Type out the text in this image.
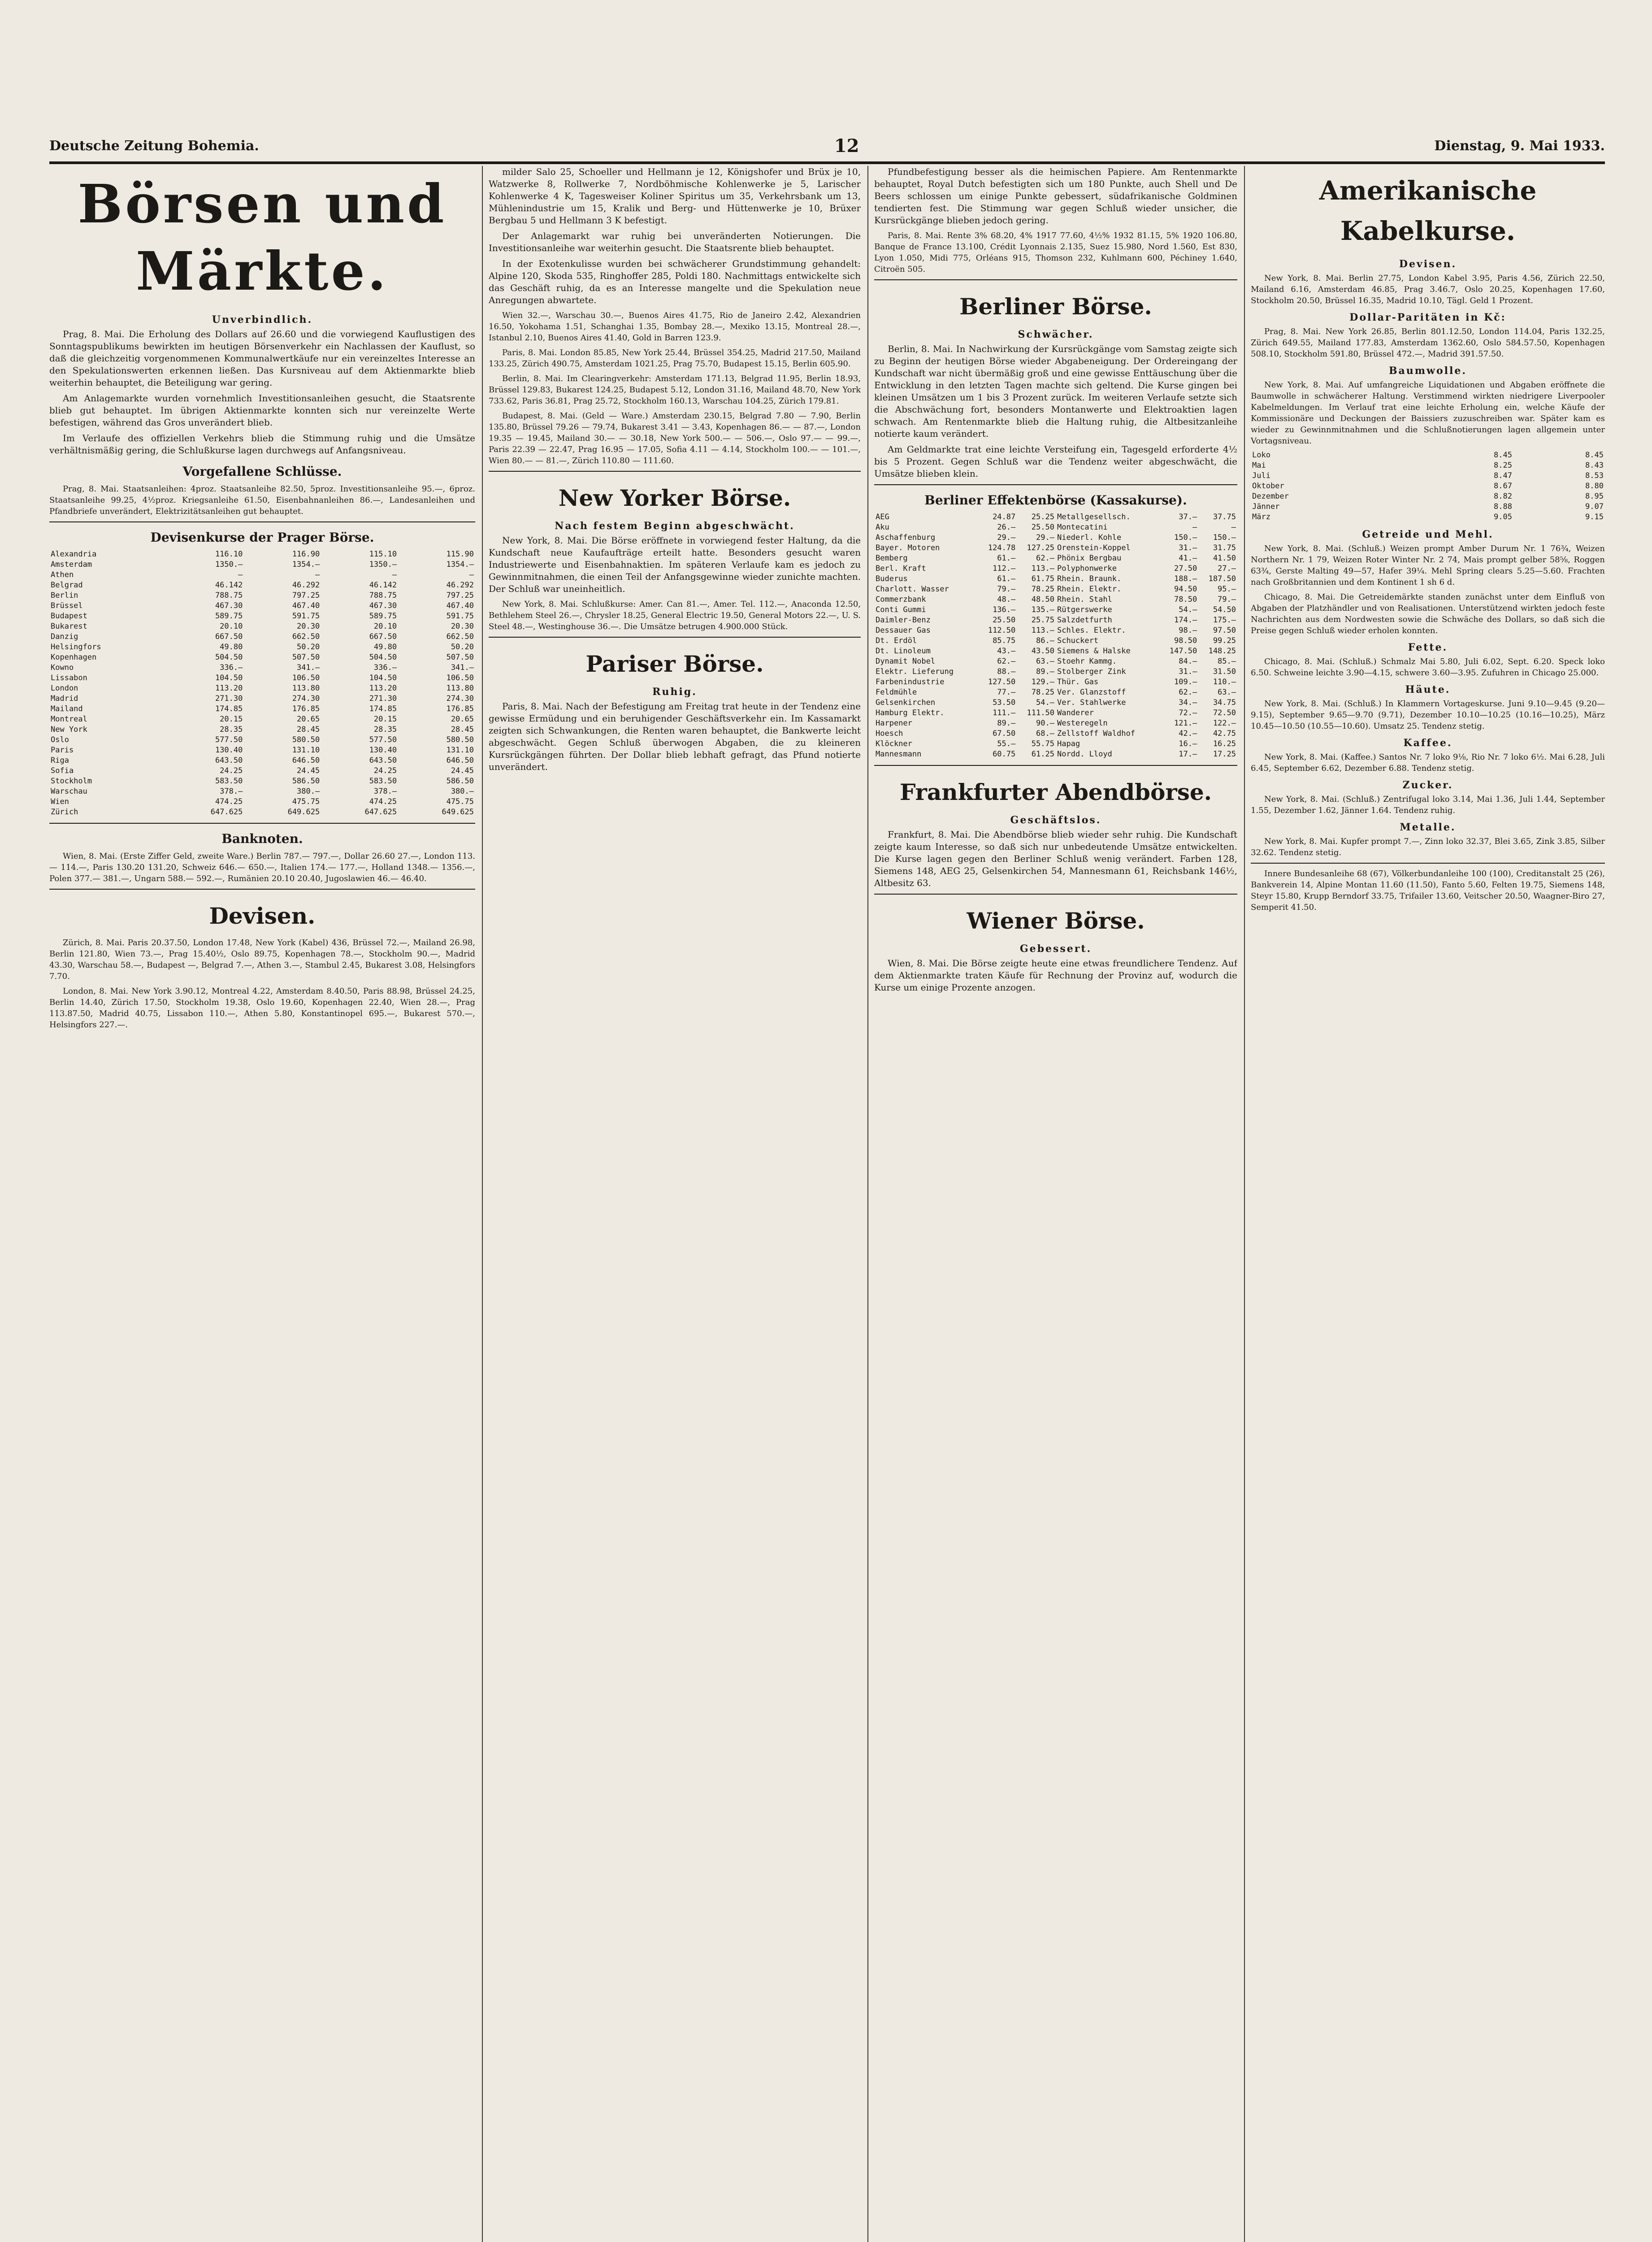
Deutsche Zeitung Bohemia.	12	Dienstag, 9. Mai 1933.
Börsen und Märkte.
Unverbindlich.

Prag, 8. Mai. Die Erholung des Dollars auf 26.60 und die vorwiegend Kauflustigen des Sonntagspublikums bewirkten im heutigen Börsenverkehr ein Nachlassen der Kauflust, so daß die gleichzeitig vorgenommenen Kommunalwertkäufe nur ein vereinzeltes Interesse an den Spekulationswerten erkennen ließen. Das Kursniveau auf dem Aktienmarkte blieb weiterhin behauptet, die Beteiligung war gering.

Am Anlagemarkte wurden vornehmlich Investitionsanleihen gesucht, die Staatsrente blieb gut behauptet. Im übrigen Aktienmarkte konnten sich nur vereinzelte Werte befestigen, während das Gros unverändert blieb.

Im Verlaufe des offiziellen Verkehrs blieb die Stimmung ruhig und die Umsätze verhältnismäßig gering, die Schlußkurse lagen durchwegs auf Anfangsniveau.

Vorgefallene Schlüsse.

Prag, 8. Mai. Staatsanleihen: 4proz. Staatsanleihe 82.50, 5proz. Investitionsanleihe 95.—, 6proz. Staatsanleihe 99.25, 4½proz. Kriegsanleihe 61.50, Eisenbahnanleihen 86.—, Landesanleihen und Pfandbriefe unverändert, Elektrizitätsanleihen gut behauptet.

Devisenkurse der Prager Börse.
Alexandria	116.10	116.90	115.10	115.90
Amsterdam	1350.—	1354.—	1350.—	1354.—
Athen	—	—	—	—
Belgrad	46.142	46.292	46.142	46.292
Berlin	788.75	797.25	788.75	797.25
Brüssel	467.30	467.40	467.30	467.40
Budapest	589.75	591.75	589.75	591.75
Bukarest	20.10	20.30	20.10	20.30
Danzig	667.50	662.50	667.50	662.50
Helsingfors	49.80	50.20	49.80	50.20
Kopenhagen	504.50	507.50	504.50	507.50
Kowno	336.—	341.—	336.—	341.—
Lissabon	104.50	106.50	104.50	106.50
London	113.20	113.80	113.20	113.80
Madrid	271.30	274.30	271.30	274.30
Mailand	174.85	176.85	174.85	176.85
Montreal	20.15	20.65	20.15	20.65
New York	28.35	28.45	28.35	28.45
Oslo	577.50	580.50	577.50	580.50
Paris	130.40	131.10	130.40	131.10
Riga	643.50	646.50	643.50	646.50
Sofia	24.25	24.45	24.25	24.45
Stockholm	583.50	586.50	583.50	586.50
Warschau	378.—	380.—	378.—	380.—
Wien	474.25	475.75	474.25	475.75
Zürich	647.625	649.625	647.625	649.625
Banknoten.

Wien, 8. Mai. (Erste Ziffer Geld, zweite Ware.) Berlin 787.— 797.—, Dollar 26.60 27.—, London 113.— 114.—, Paris 130.20 131.20, Schweiz 646.— 650.—, Italien 174.— 177.—, Holland 1348.— 1356.—, Polen 377.— 381.—, Ungarn 588.— 592.—, Rumänien 20.10 20.40, Jugoslawien 46.— 46.40.

Devisen.

Zürich, 8. Mai. Paris 20.37.50, London 17.48, New York (Kabel) 436, Brüssel 72.—, Mailand 26.98, Berlin 121.80, Wien 73.—, Prag 15.40½, Oslo 89.75, Kopenhagen 78.—, Stockholm 90.—, Madrid 43.30, Warschau 58.—, Budapest —, Belgrad 7.—, Athen 3.—, Stambul 2.45, Bukarest 3.08, Helsingfors 7.70.

London, 8. Mai. New York 3.90.12, Montreal 4.22, Amsterdam 8.40.50, Paris 88.98, Brüssel 24.25, Berlin 14.40, Zürich 17.50, Stockholm 19.38, Oslo 19.60, Kopenhagen 22.40, Wien 28.—, Prag 113.87.50, Madrid 40.75, Lissabon 110.—, Athen 5.80, Konstantinopel 695.—, Bukarest 570.—, Helsingfors 227.—.

milder Salo 25, Schoeller und Hellmann je 12, Königshofer und Brüx je 10, Watzwerke 8, Rollwerke 7, Nordböhmische Kohlenwerke je 5, Larischer Kohlenwerke 4 K, Tagesweiser Koliner Spiritus um 35, Verkehrsbank um 13, Mühlenindustrie um 15, Kralik und Berg- und Hüttenwerke je 10, Brüxer Bergbau 5 und Hellmann 3 K befestigt.

Der Anlagemarkt war ruhig bei unveränderten Notierungen. Die Investitionsanleihe war weiterhin gesucht. Die Staatsrente blieb behauptet.

In der Exotenkulisse wurden bei schwächerer Grundstimmung gehandelt: Alpine 120, Skoda 535, Ringhoffer 285, Poldi 180. Nachmittags entwickelte sich das Geschäft ruhig, da es an Interesse mangelte und die Spekulation neue Anregungen abwartete.

Wien 32.—, Warschau 30.—, Buenos Aires 41.75, Rio de Janeiro 2.42, Alexandrien 16.50, Yokohama 1.51, Schanghai 1.35, Bombay 28.—, Mexiko 13.15, Montreal 28.—, Istanbul 2.10, Buenos Aires 41.40, Gold in Barren 123.9.

Paris, 8. Mai. London 85.85, New York 25.44, Brüssel 354.25, Madrid 217.50, Mailand 133.25, Zürich 490.75, Amsterdam 1021.25, Prag 75.70, Budapest 15.15, Berlin 605.90.

Berlin, 8. Mai. Im Clearingverkehr: Amsterdam 171.13, Belgrad 11.95, Berlin 18.93, Brüssel 129.83, Bukarest 124.25, Budapest 5.12, London 31.16, Mailand 48.70, New York 733.62, Paris 36.81, Prag 25.72, Stockholm 160.13, Warschau 104.25, Zürich 179.81.

Budapest, 8. Mai. (Geld — Ware.) Amsterdam 230.15, Belgrad 7.80 — 7.90, Berlin 135.80, Brüssel 79.26 — 79.74, Bukarest 3.41 — 3.43, Kopenhagen 86.— — 87.—, London 19.35 — 19.45, Mailand 30.— — 30.18, New York 500.— — 506.—, Oslo 97.— — 99.—, Paris 22.39 — 22.47, Prag 16.95 — 17.05, Sofia 4.11 — 4.14, Stockholm 100.— — 101.—, Wien 80.— — 81.—, Zürich 110.80 — 111.60.

New Yorker Börse.
Nach festem Beginn abgeschwächt.

New York, 8. Mai. Die Börse eröffnete in vorwiegend fester Haltung, da die Kundschaft neue Kaufaufträge erteilt hatte. Besonders gesucht waren Industriewerte und Eisenbahnaktien. Im späteren Verlaufe kam es jedoch zu Gewinnmitnahmen, die einen Teil der Anfangsgewinne wieder zunichte machten. Der Schluß war uneinheitlich.

New York, 8. Mai. Schlußkurse: Amer. Can 81.—, Amer. Tel. 112.—, Anaconda 12.50, Bethlehem Steel 26.—, Chrysler 18.25, General Electric 19.50, General Motors 22.—, U. S. Steel 48.—, Westinghouse 36.—. Die Umsätze betrugen 4.900.000 Stück.

Pariser Börse.
Ruhig.

Paris, 8. Mai. Nach der Befestigung am Freitag trat heute in der Tendenz eine gewisse Ermüdung und ein beruhigender Geschäftsverkehr ein. Im Kassamarkt zeigten sich Schwankungen, die Renten waren behauptet, die Bankwerte leicht abgeschwächt. Gegen Schluß überwogen Abgaben, die zu kleineren Kursrückgängen führten. Der Dollar blieb lebhaft gefragt, das Pfund notierte unverändert.

Pfundbefestigung besser als die heimischen Papiere. Am Rentenmarkte behauptet, Royal Dutch befestigten sich um 180 Punkte, auch Shell und De Beers schlossen um einige Punkte gebessert, südafrikanische Goldminen tendierten fest. Die Stimmung war gegen Schluß wieder unsicher, die Kursrückgänge blieben jedoch gering.

Paris, 8. Mai. Rente 3% 68.20, 4% 1917 77.60, 4½% 1932 81.15, 5% 1920 106.80, Banque de France 13.100, Crédit Lyonnais 2.135, Suez 15.980, Nord 1.560, Est 830, Lyon 1.050, Midi 775, Orléans 915, Thomson 232, Kuhlmann 600, Péchiney 1.640, Citroën 505.

Berliner Börse.
Schwächer.

Berlin, 8. Mai. In Nachwirkung der Kursrückgänge vom Samstag zeigte sich zu Beginn der heutigen Börse wieder Abgabeneigung. Der Ordereingang der Kundschaft war nicht übermäßig groß und eine gewisse Enttäuschung über die Entwicklung in den letzten Tagen machte sich geltend. Die Kurse gingen bei kleinen Umsätzen um 1 bis 3 Prozent zurück. Im weiteren Verlaufe setzte sich die Abschwächung fort, besonders Montanwerte und Elektroaktien lagen schwach. Am Rentenmarkte blieb die Haltung ruhig, die Altbesitzanleihe notierte kaum verändert.

Am Geldmarkte trat eine leichte Versteifung ein, Tagesgeld erforderte 4½ bis 5 Prozent. Gegen Schluß war die Tendenz weiter abgeschwächt, die Umsätze blieben klein.

Berliner Effektenbörse (Kassakurse).
AEG	24.87	25.25	Metallgesellsch.	37.—	37.75
Aku	26.—	25.50	Montecatini	—	—
Aschaffenburg	29.—	29.—	Niederl. Kohle	150.—	150.—
Bayer. Motoren	124.78	127.25	Orenstein-Koppel	31.—	31.75
Bemberg	61.—	62.—	Phönix Bergbau	41.—	41.50
Berl. Kraft	112.—	113.—	Polyphonwerke	27.50	27.—
Buderus	61.—	61.75	Rhein. Braunk.	188.—	187.50
Charlott. Wasser	79.—	78.25	Rhein. Elektr.	94.50	95.—
Commerzbank	48.—	48.50	Rhein. Stahl	78.50	79.—
Conti Gummi	136.—	135.—	Rütgerswerke	54.—	54.50
Daimler-Benz	25.50	25.75	Salzdetfurth	174.—	175.—
Dessauer Gas	112.50	113.—	Schles. Elektr.	98.—	97.50
Dt. Erdöl	85.75	86.—	Schuckert	98.50	99.25
Dt. Linoleum	43.—	43.50	Siemens & Halske	147.50	148.25
Dynamit Nobel	62.—	63.—	Stoehr Kammg.	84.—	85.—
Elektr. Lieferung	88.—	89.—	Stolberger Zink	31.—	31.50
Farbenindustrie	127.50	129.—	Thür. Gas	109.—	110.—
Feldmühle	77.—	78.25	Ver. Glanzstoff	62.—	63.—
Gelsenkirchen	53.50	54.—	Ver. Stahlwerke	34.—	34.75
Hamburg Elektr.	111.—	111.50	Wanderer	72.—	72.50
Harpener	89.—	90.—	Westeregeln	121.—	122.—
Hoesch	67.50	68.—	Zellstoff Waldhof	42.—	42.75
Klöckner	55.—	55.75	Hapag	16.—	16.25
Mannesmann	60.75	61.25	Nordd. Lloyd	17.—	17.25
Frankfurter Abendbörse.
Geschäftslos.

Frankfurt, 8. Mai. Die Abendbörse blieb wieder sehr ruhig. Die Kundschaft zeigte kaum Interesse, so daß sich nur unbedeutende Umsätze entwickelten. Die Kurse lagen gegen den Berliner Schluß wenig verändert. Farben 128, Siemens 148, AEG 25, Gelsenkirchen 54, Mannesmann 61, Reichsbank 146½, Altbesitz 63.

Wiener Börse.
Gebessert.

Wien, 8. Mai. Die Börse zeigte heute eine etwas freundlichere Tendenz. Auf dem Aktienmarkte traten Käufe für Rechnung der Provinz auf, wodurch die Kurse um einige Prozente anzogen.

Amerikanische Kabelkurse.
Devisen.

New York, 8. Mai. Berlin 27.75, London Kabel 3.95, Paris 4.56, Zürich 22.50, Mailand 6.16, Amsterdam 46.85, Prag 3.46.7, Oslo 20.25, Kopenhagen 17.60, Stockholm 20.50, Brüssel 16.35, Madrid 10.10, Tägl. Geld 1 Prozent.

Dollar-Paritäten in Kč:

Prag, 8. Mai. New York 26.85, Berlin 801.12.50, London 114.04, Paris 132.25, Zürich 649.55, Mailand 177.83, Amsterdam 1362.60, Oslo 584.57.50, Kopenhagen 508.10, Stockholm 591.80, Brüssel 472.—, Madrid 391.57.50.

Baumwolle.

New York, 8. Mai. Auf umfangreiche Liquidationen und Abgaben eröffnete die Baumwolle in schwächerer Haltung. Verstimmend wirkten niedrigere Liverpooler Kabelmeldungen. Im Verlauf trat eine leichte Erholung ein, welche Käufe der Kommissionäre und Deckungen der Baissiers zuzuschreiben war. Später kam es wieder zu Gewinnmitnahmen und die Schlußnotierungen lagen allgemein unter Vortagsniveau.

Loko	8.45	8.45
Mai	8.25	8.43
Juli	8.47	8.53
Oktober	8.67	8.80
Dezember	8.82	8.95
Jänner	8.88	9.07
März	9.05	9.15
Getreide und Mehl.

New York, 8. Mai. (Schluß.) Weizen prompt Amber Durum Nr. 1 76¾, Weizen Northern Nr. 1 79, Weizen Roter Winter Nr. 2 74, Mais prompt gelber 58⅝, Roggen 63¾, Gerste Malting 49—57, Hafer 39¼. Mehl Spring clears 5.25—5.60. Frachten nach Großbritannien und dem Kontinent 1 sh 6 d.

Chicago, 8. Mai. Die Getreidemärkte standen zunächst unter dem Einfluß von Abgaben der Platzhändler und von Realisationen. Unterstützend wirkten jedoch feste Nachrichten aus dem Nordwesten sowie die Schwäche des Dollars, so daß sich die Preise gegen Schluß wieder erholen konnten.

Fette.

Chicago, 8. Mai. (Schluß.) Schmalz Mai 5.80, Juli 6.02, Sept. 6.20. Speck loko 6.50. Schweine leichte 3.90—4.15, schwere 3.60—3.95. Zufuhren in Chicago 25.000.

Häute.

New York, 8. Mai. (Schluß.) In Klammern Vortageskurse. Juni 9.10—9.45 (9.20—9.15), September 9.65—9.70 (9.71), Dezember 10.10—10.25 (10.16—10.25), März 10.45—10.50 (10.55—10.60). Umsatz 25. Tendenz stetig.

Kaffee.

New York, 8. Mai. (Kaffee.) Santos Nr. 7 loko 9⅛, Rio Nr. 7 loko 6½. Mai 6.28, Juli 6.45, September 6.62, Dezember 6.88. Tendenz stetig.

Zucker.

New York, 8. Mai. (Schluß.) Zentrifugal loko 3.14, Mai 1.36, Juli 1.44, September 1.55, Dezember 1.62, Jänner 1.64. Tendenz ruhig.

Metalle.

New York, 8. Mai. Kupfer prompt 7.—, Zinn loko 32.37, Blei 3.65, Zink 3.85, Silber 32.62. Tendenz stetig.

Innere Bundesanleihe 68 (67), Völkerbundanleihe 100 (100), Creditanstalt 25 (26), Bankverein 14, Alpine Montan 11.60 (11.50), Fanto 5.60, Felten 19.75, Siemens 148, Steyr 15.80, Krupp Berndorf 33.75, Trifailer 13.60, Veitscher 20.50, Waagner-Biro 27, Semperit 41.50.
